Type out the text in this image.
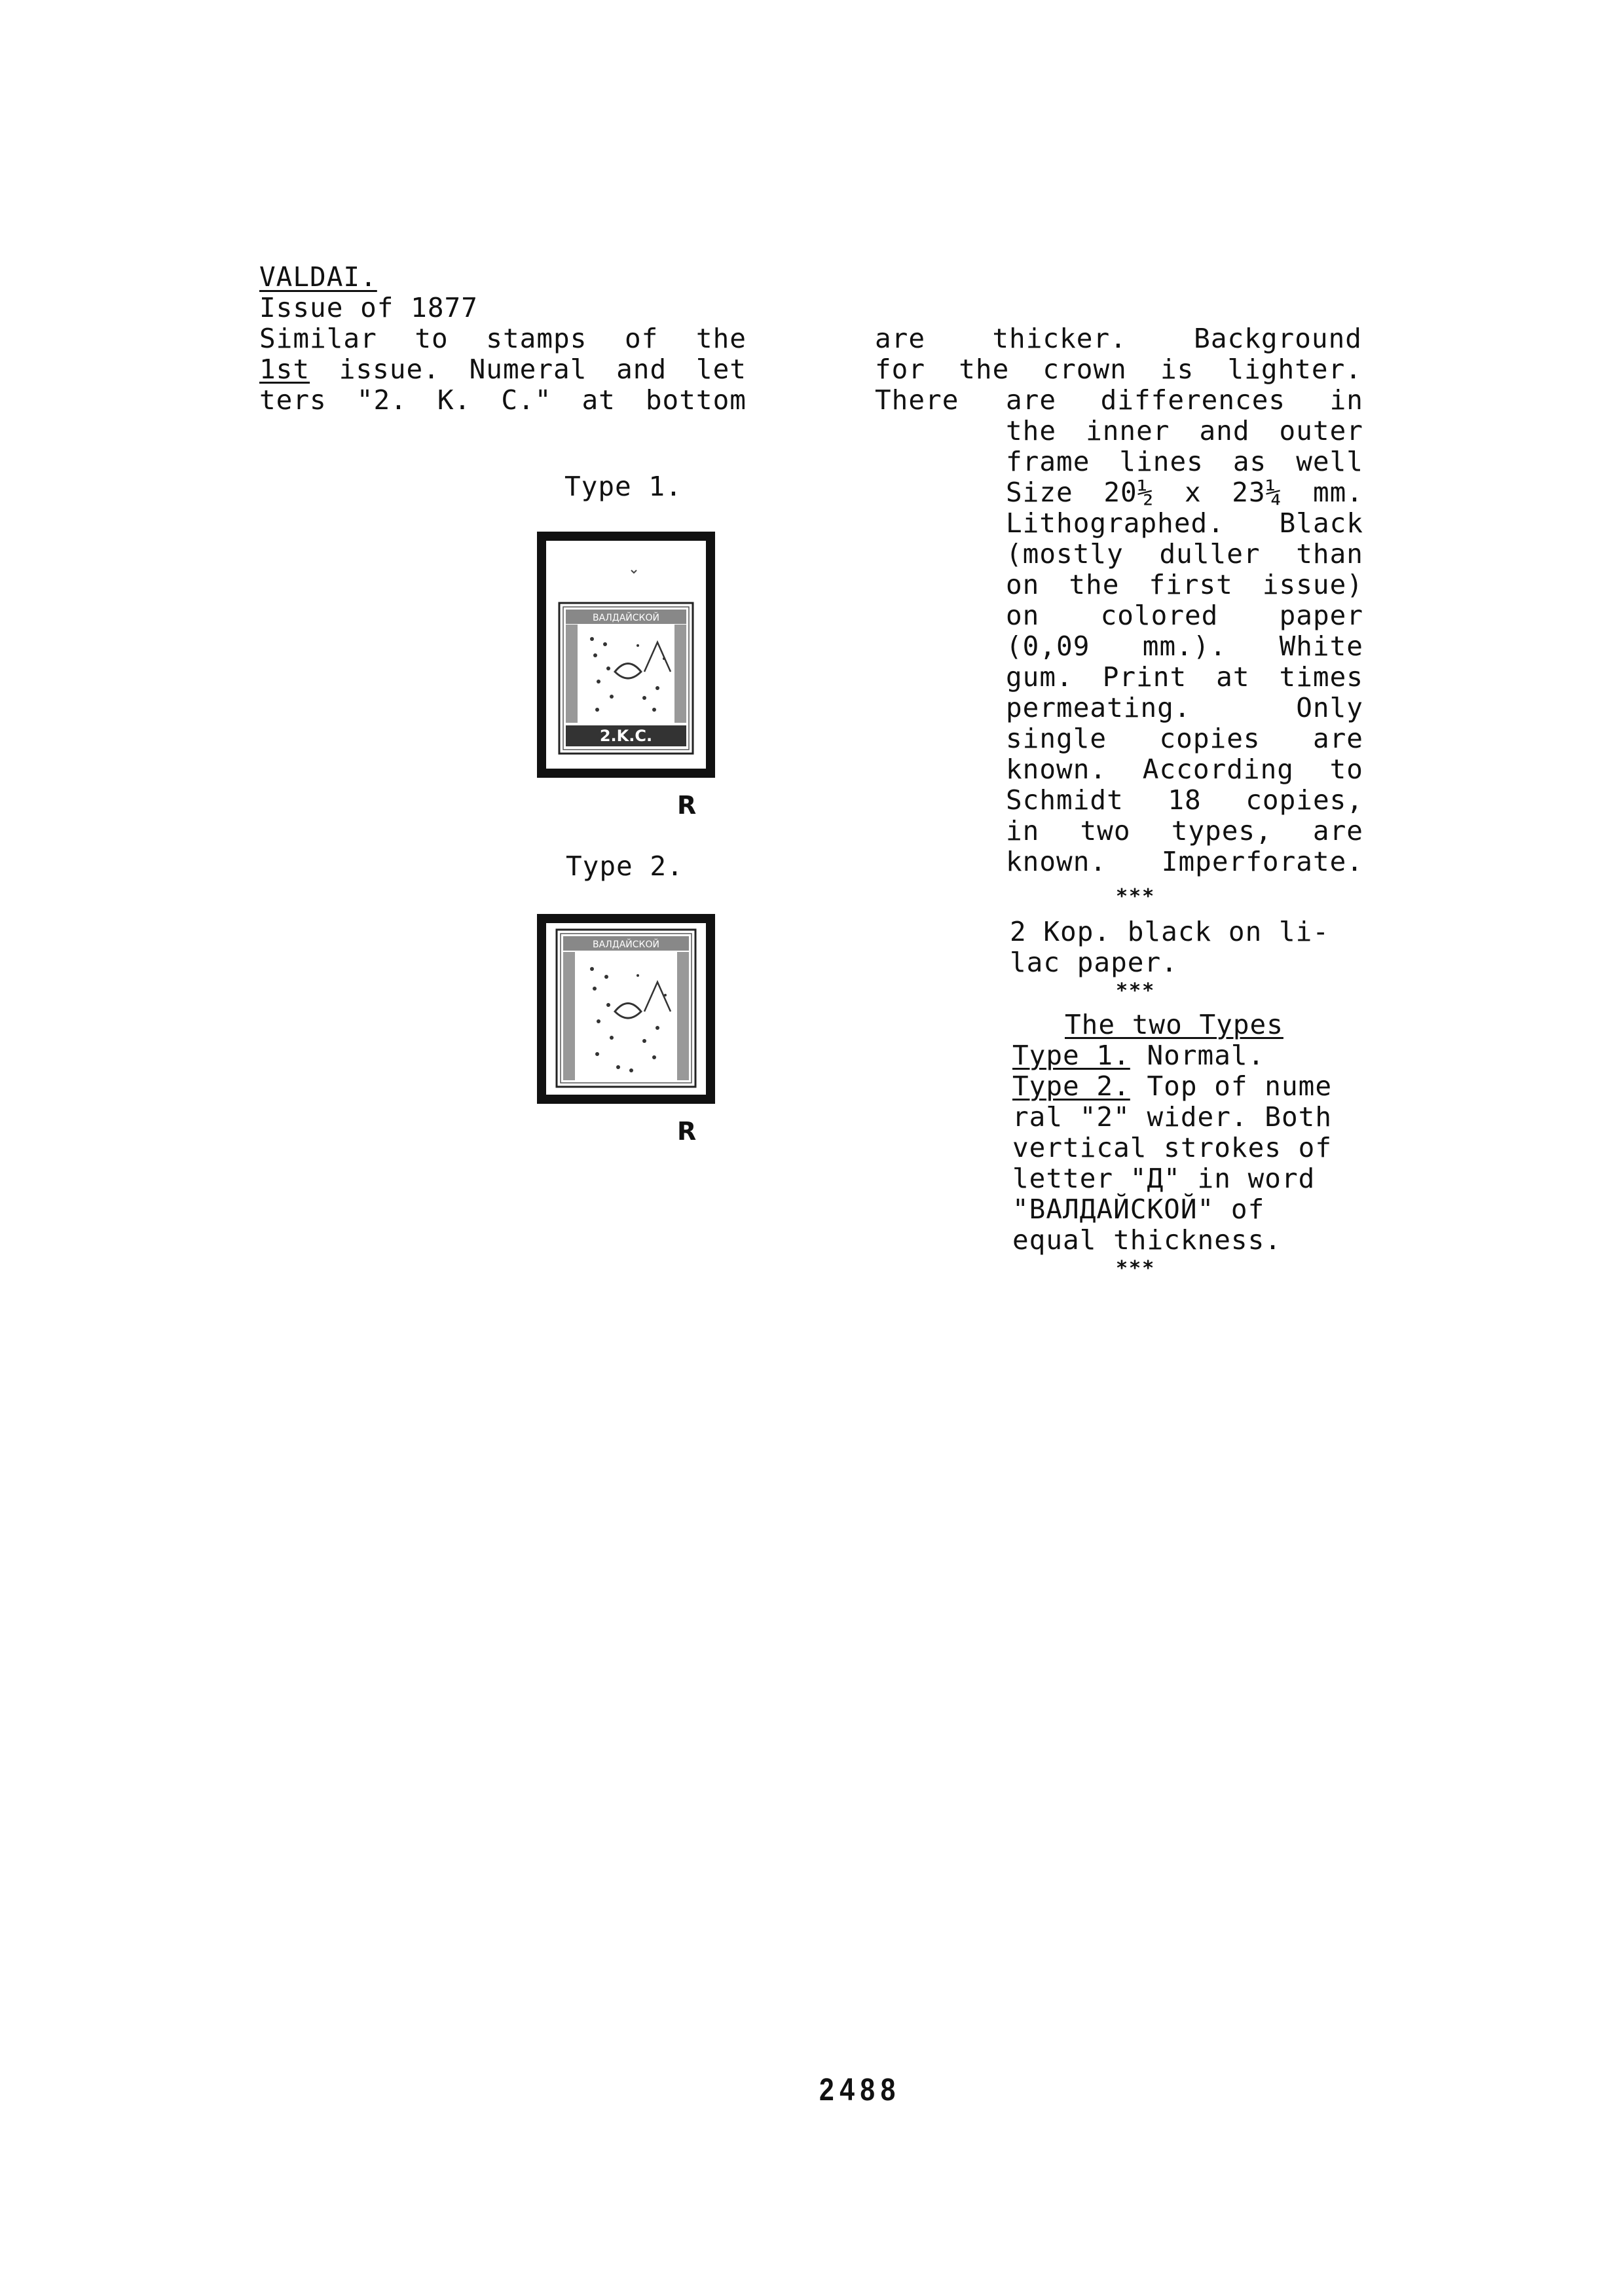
VALDAI.
Issue of 1877
Similar to stamps of the
1st issue. Numeral and let
ters "2. K. C." at bottom
Type 1.
ВАЛДАЙСКОЙ
2.K.C.
R
Type 2.
ВАЛДАЙСКОЙ
R
are thicker. Background
for the crown is lighter.
There are differences in
the inner and outer
frame lines as well
Size 20½ x 23¼ mm.
Lithographed. Black
(mostly duller than
on the first issue)
on colored paper
(0,09 mm.). White
gum. Print at times
permeating.	Only
single copies are
known. According to
Schmidt 18 copies,
in two types, are
known. Imperforate.
***
2 Kop. black on li-
lac paper.
***
The two Types
Type 1. Normal.
Type 2. Top of nume
ral "2" wider. Both
vertical strokes of
letter "Д" in word
"ВАЛДАЙСКОЙ" of
equal thickness.
***
2488
